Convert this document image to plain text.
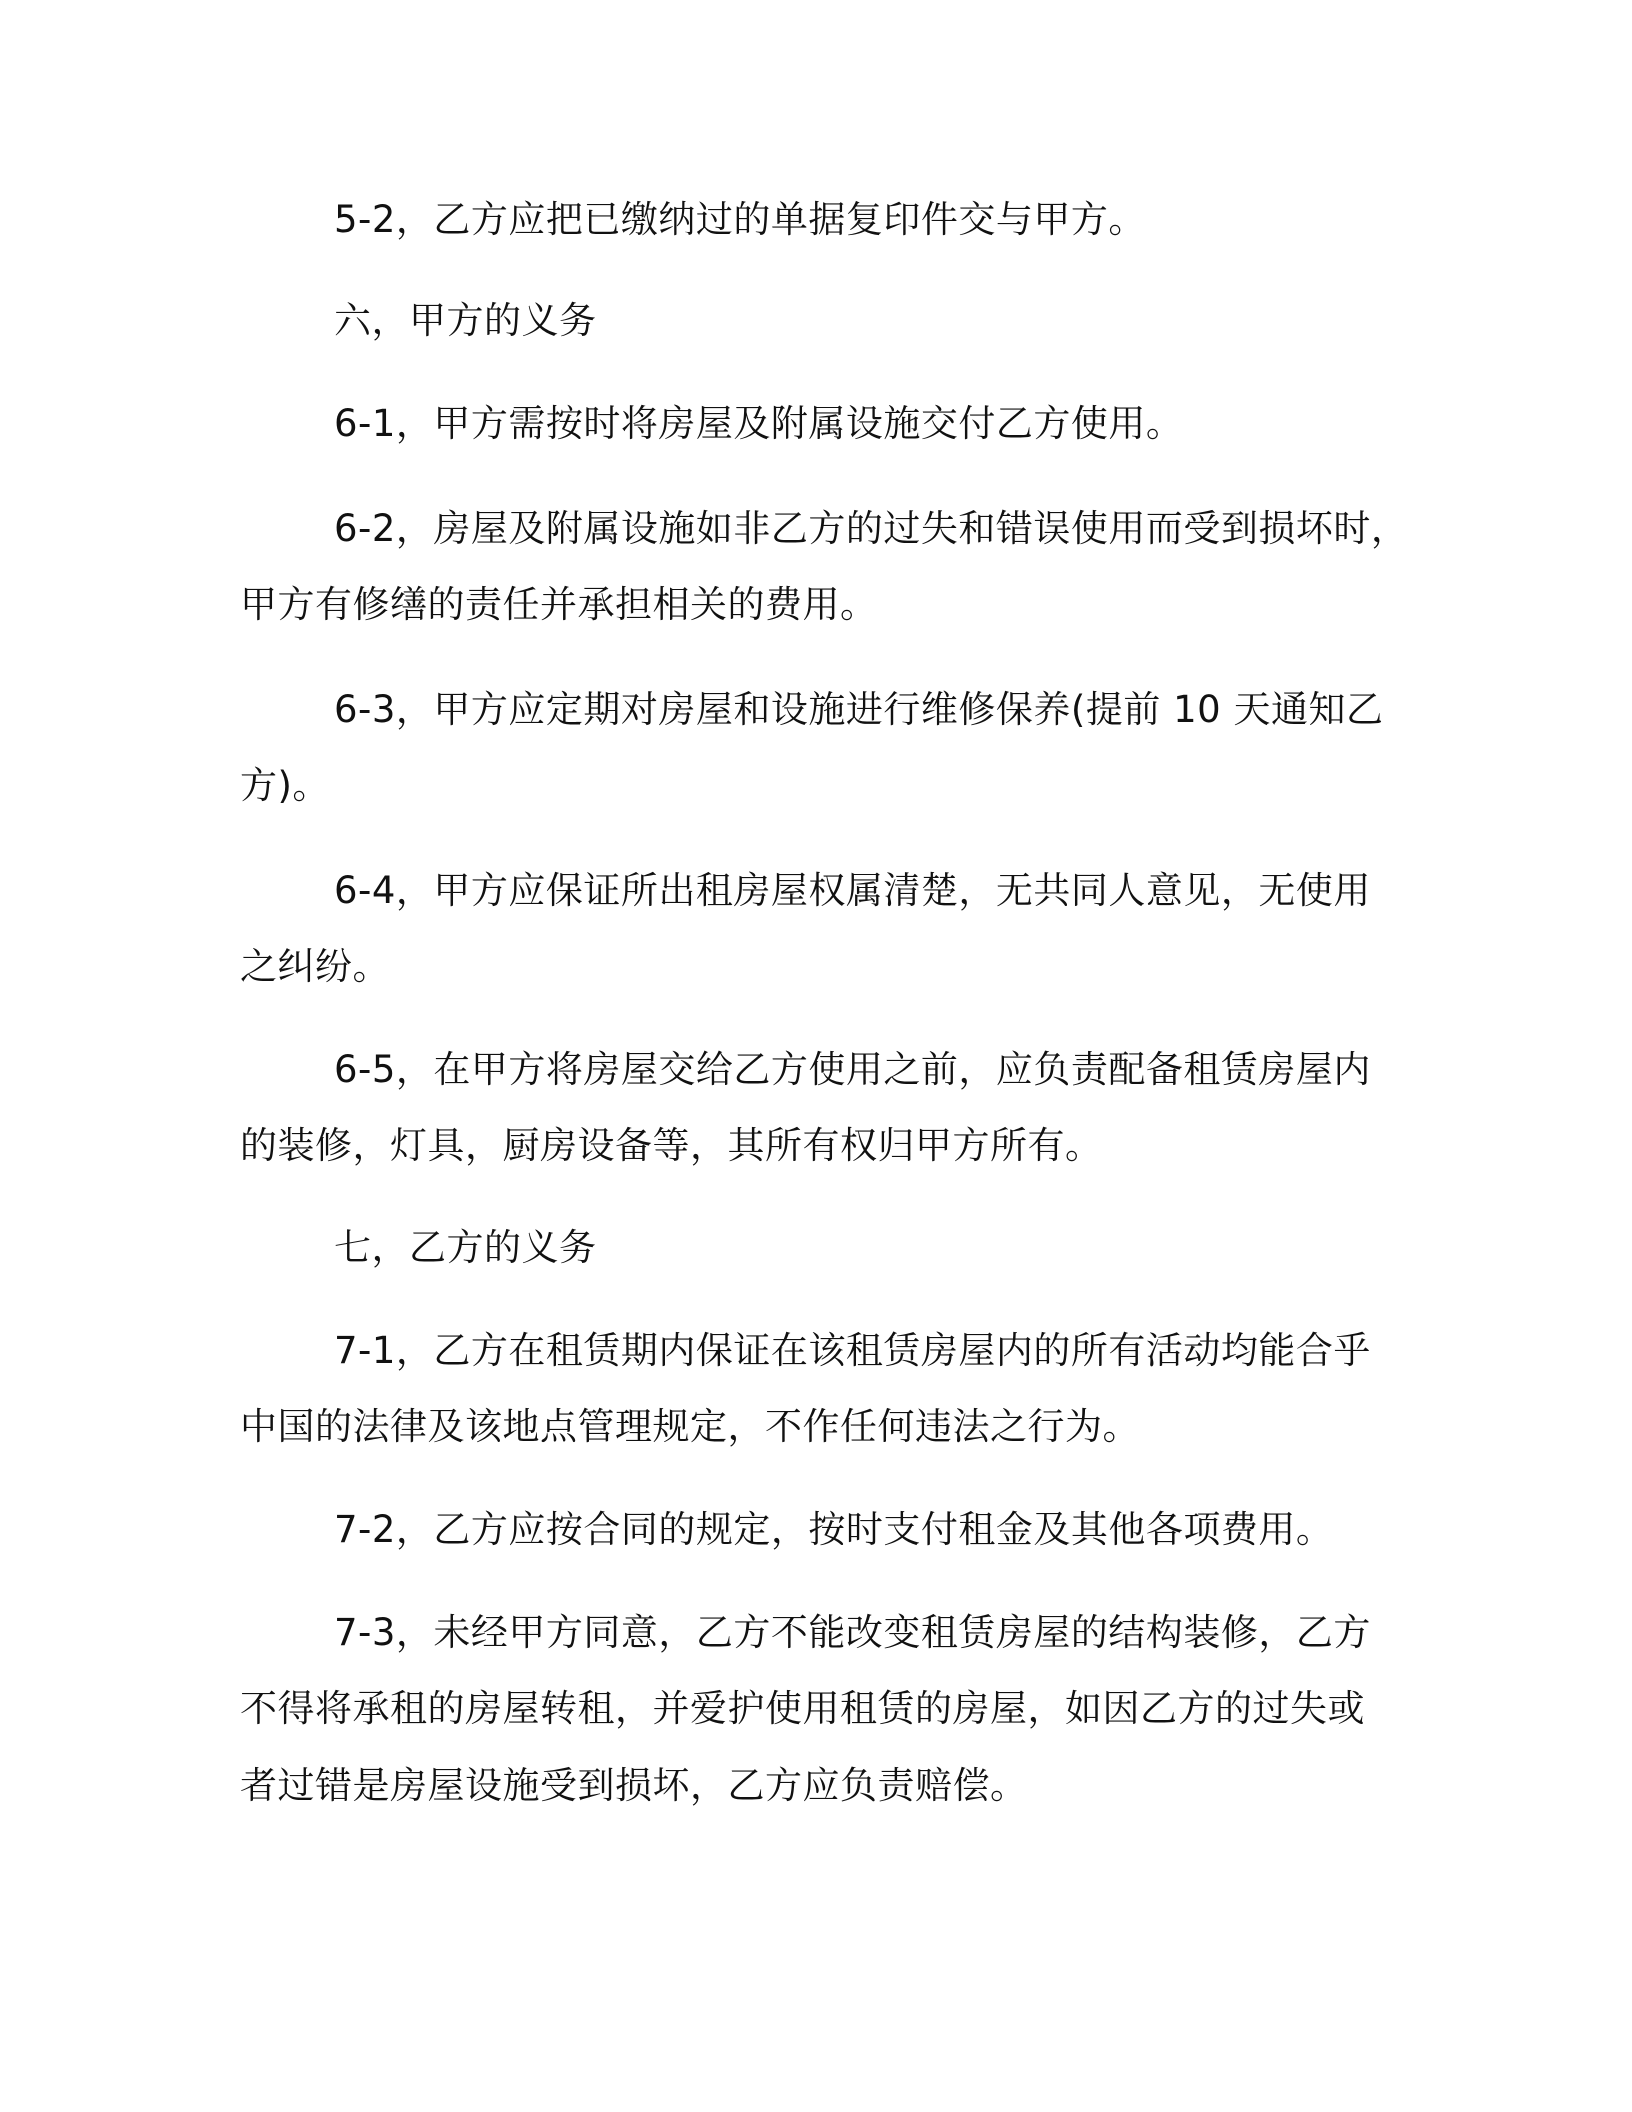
5-2，乙方应把已缴纳过的单据复印件交与甲方。
六，甲方的义务
6-1，甲方需按时将房屋及附属设施交付乙方使用。
6-2，房屋及附属设施如非乙方的过失和错误使用而受到损坏时，
甲方有修缮的责任并承担相关的费用。
6-3，甲方应定期对房屋和设施进行维修保养(提前 10 天通知乙
方)。
6-4，甲方应保证所出租房屋权属清楚，无共同人意见，无使用
之纠纷。
6-5，在甲方将房屋交给乙方使用之前，应负责配备租赁房屋内
的装修，灯具，厨房设备等，其所有权归甲方所有。
七，乙方的义务
7-1，乙方在租赁期内保证在该租赁房屋内的所有活动均能合乎
中国的法律及该地点管理规定，不作任何违法之行为。
7-2，乙方应按合同的规定，按时支付租金及其他各项费用。
7-3，未经甲方同意，乙方不能改变租赁房屋的结构装修，乙方
不得将承租的房屋转租，并爱护使用租赁的房屋，如因乙方的过失或
者过错是房屋设施受到损坏，乙方应负责赔偿。
